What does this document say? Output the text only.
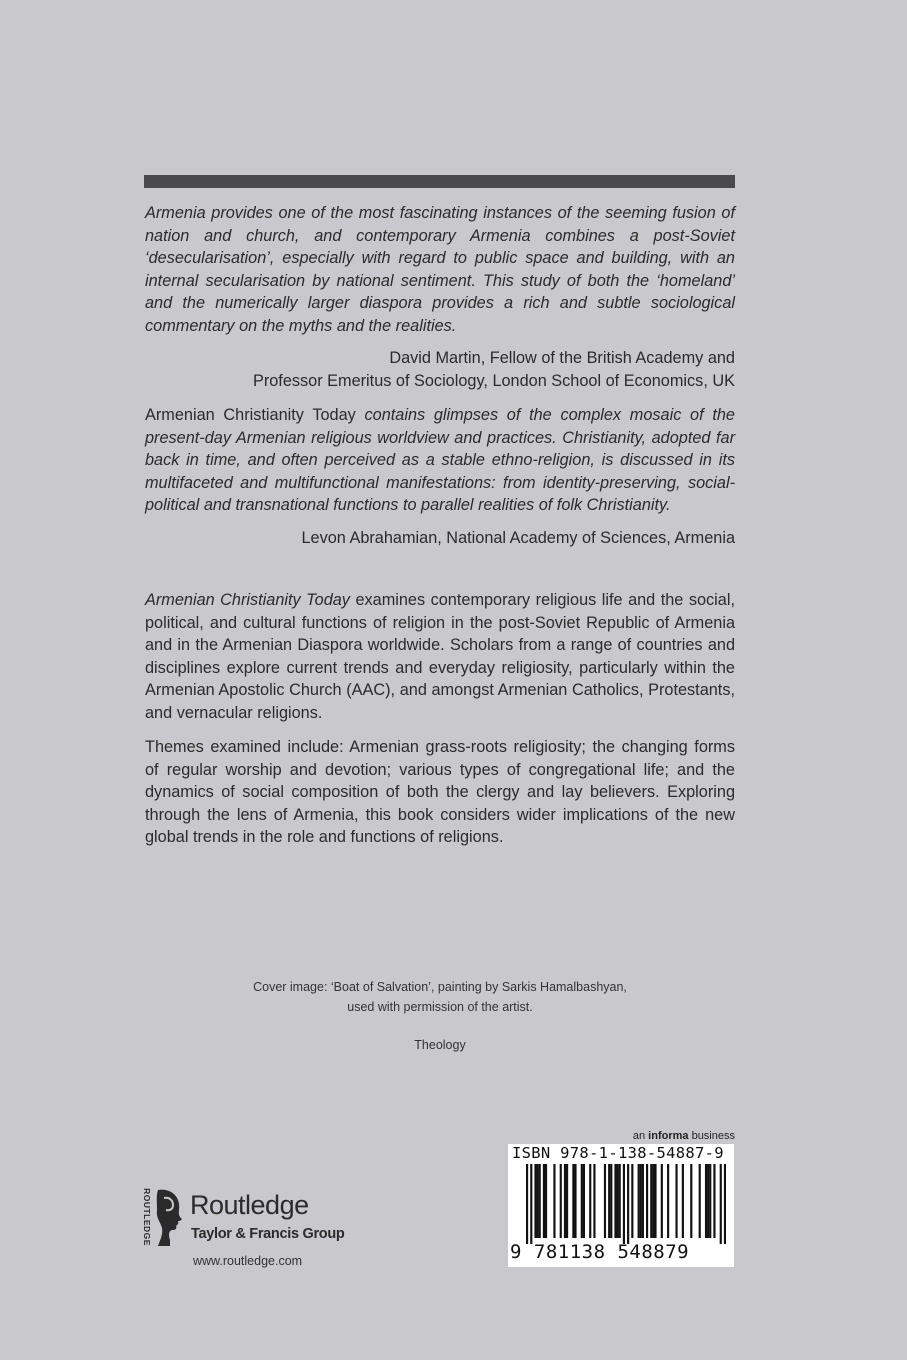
Armenia provides one of the most fascinating instances of the seeming fusion of nation and church, and contemporary Armenia combines a post-Soviet ‘desecularisation’, especially with regard to public space and building, with an internal secularisation by national sentiment. This study of both the ‘homeland’ and the numerically larger diaspora provides a rich and subtle sociological commentary on the myths and the realities.

David Martin, Fellow of the British Academy and
Professor Emeritus of Sociology, London School of Economics, UK

Armenian Christianity Today contains glimpses of the complex mosaic of the present-day Armenian religious worldview and practices. Christianity, adopted far back in time, and often perceived as a stable ethno-religion, is discussed in its multifaceted and multifunctional manifestations: from identity-preserving, social-political and transnational functions to parallel realities of folk Christianity.

Levon Abrahamian, National Academy of Sciences, Armenia

Armenian Christianity Today examines contemporary religious life and the social, political, and cultural functions of religion in the post-Soviet Republic of Armenia and in the Armenian Diaspora worldwide. Scholars from a range of countries and disciplines explore current trends and everyday religiosity, particularly within the Armenian Apostolic Church (AAC), and amongst Armenian Catholics, Protestants, and vernacular religions.

Themes examined include: Armenian grass-roots religiosity; the changing forms of regular worship and devotion; various types of congregational life; and the dynamics of social composition of both the clergy and lay believers. Exploring through the lens of Armenia, this book considers wider implications of the new global trends in the role and functions of religions.

Cover image: ‘Boat of Salvation’, painting by Sarkis Hamalbashyan,
used with permission of the artist.
Theology
ROUTLEDGE Routledge
Taylor & Francis Group
www.routledge.com
an informa business
ISBN 978-1-138-54887-9
9 781138 548879
